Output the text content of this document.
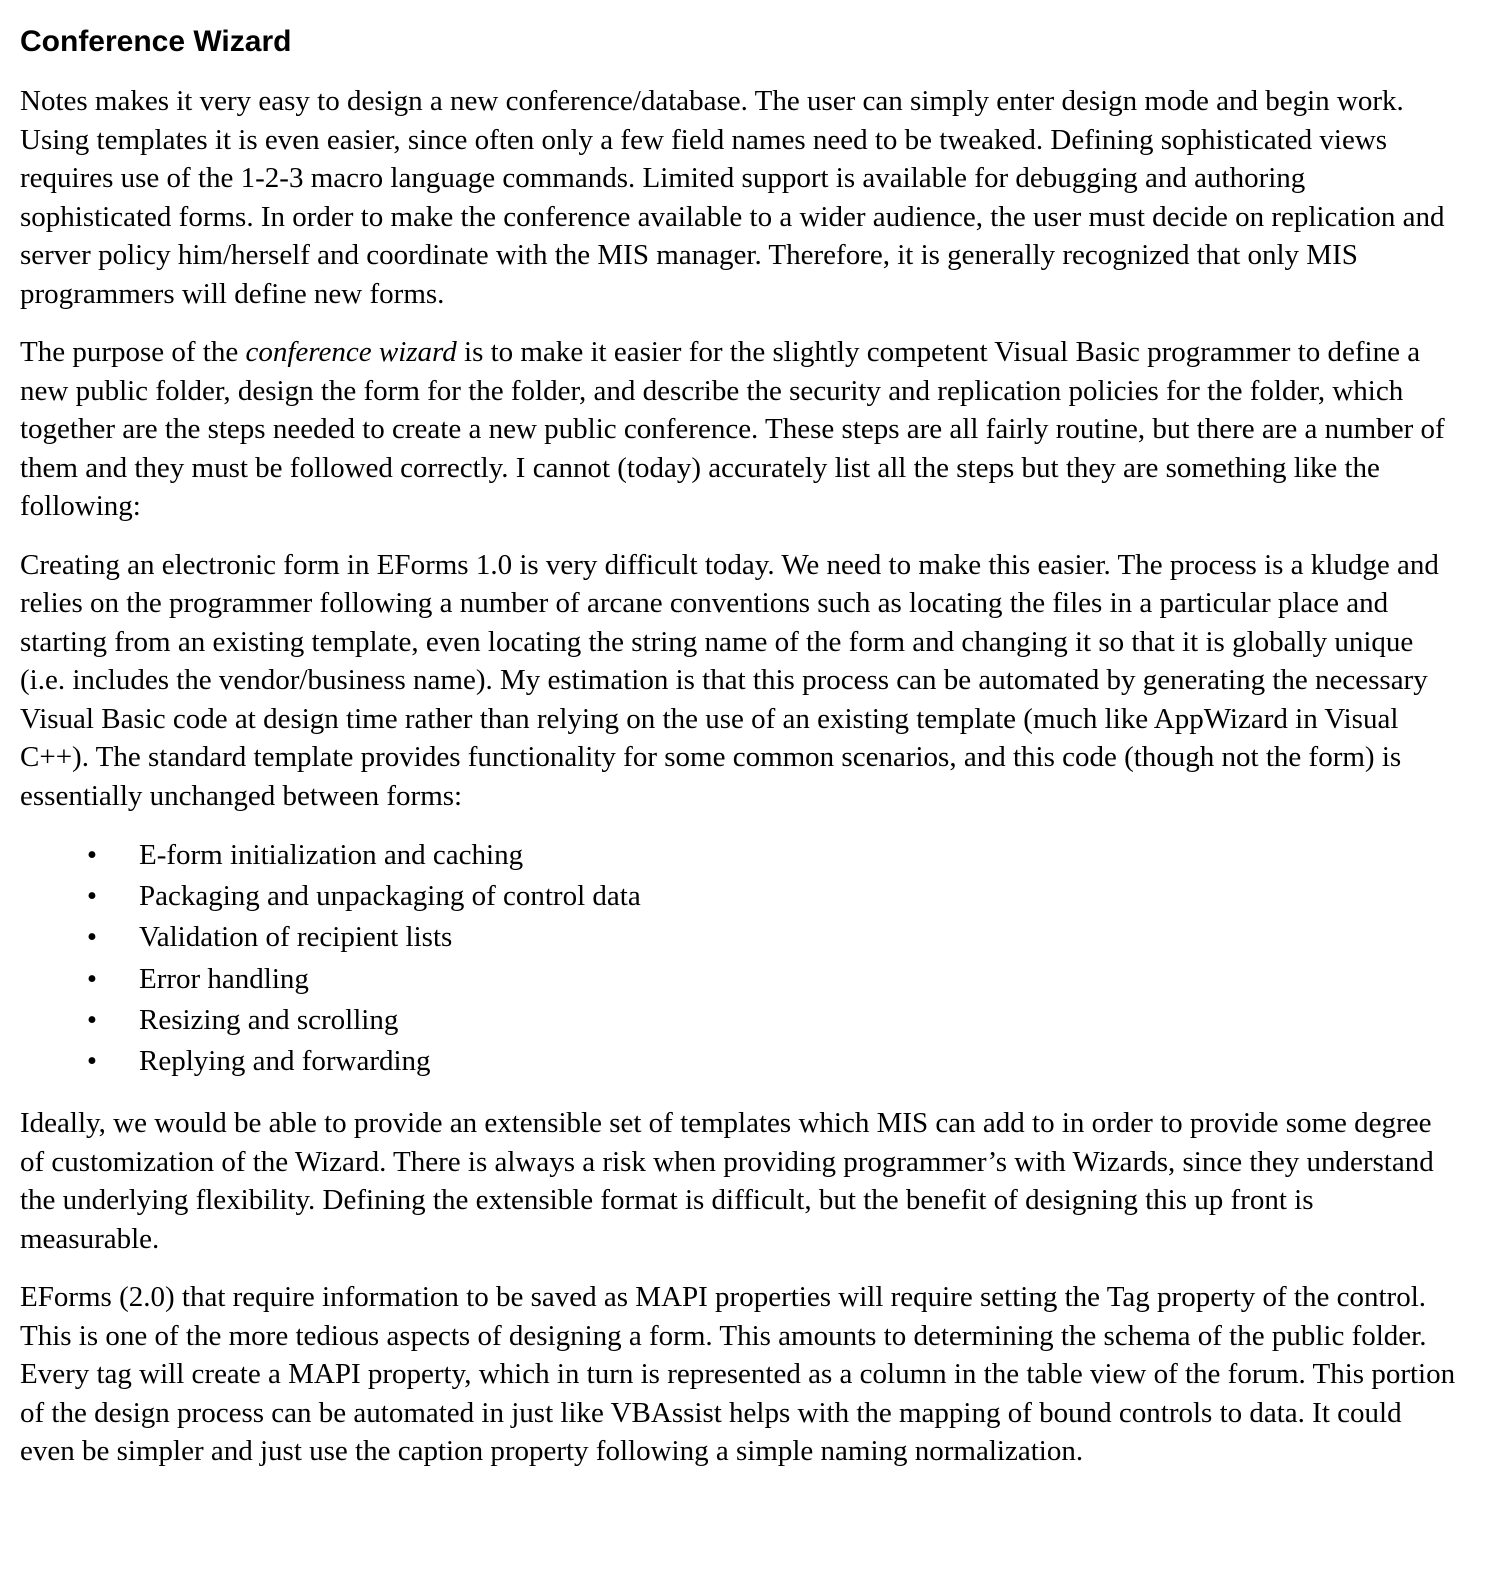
Conference Wizard

Notes makes it very easy to design a new conference/database. The user can simply enter design mode and begin work. Using templates it is even easier, since often only a few field names need to be tweaked. Defining sophisticated views requires use of the 1-2-3 macro language commands. Limited support is available for debugging and authoring sophisticated forms. In order to make the conference available to a wider audience, the user must decide on replication and server policy him/herself and coordinate with the MIS manager. Therefore, it is generally recognized that only MIS programmers will define new forms.

The purpose of the conference wizard is to make it easier for the slightly competent Visual Basic programmer to define a new public folder, design the form for the folder, and describe the security and replication policies for the folder, which together are the steps needed to create a new public conference. These steps are all fairly routine, but there are a number of them and they must be followed correctly. I cannot (today) accurately list all the steps but they are something like the following:

Creating an electronic form in EForms 1.0 is very difficult today. We need to make this easier. The process is a kludge and relies on the programmer following a number of arcane conventions such as locating the files in a particular place and starting from an existing template, even locating the string name of the form and changing it so that it is globally unique (i.e. includes the vendor/business name). My estimation is that this process can be automated by generating the necessary Visual Basic code at design time rather than relying on the use of an existing template (much like AppWizard in Visual C++). The standard template provides functionality for some common scenarios, and this code (though not the form) is essentially unchanged between forms:

• E-form initialization and caching
• Packaging and unpackaging of control data
• Validation of recipient lists
• Error handling
• Resizing and scrolling
• Replying and forwarding

Ideally, we would be able to provide an extensible set of templates which MIS can add to in order to provide some degree of customization of the Wizard. There is always a risk when providing programmer’s with Wizards, since they understand the underlying flexibility. Defining the extensible format is difficult, but the benefit of designing this up front is measurable.

EForms (2.0) that require information to be saved as MAPI properties will require setting the Tag property of the control. This is one of the more tedious aspects of designing a form. This amounts to determining the schema of the public folder. Every tag will create a MAPI property, which in turn is represented as a column in the table view of the forum. This portion of the design process can be automated in just like VBAssist helps with the mapping of bound controls to data. It could even be simpler and just use the caption property following a simple naming normalization.
